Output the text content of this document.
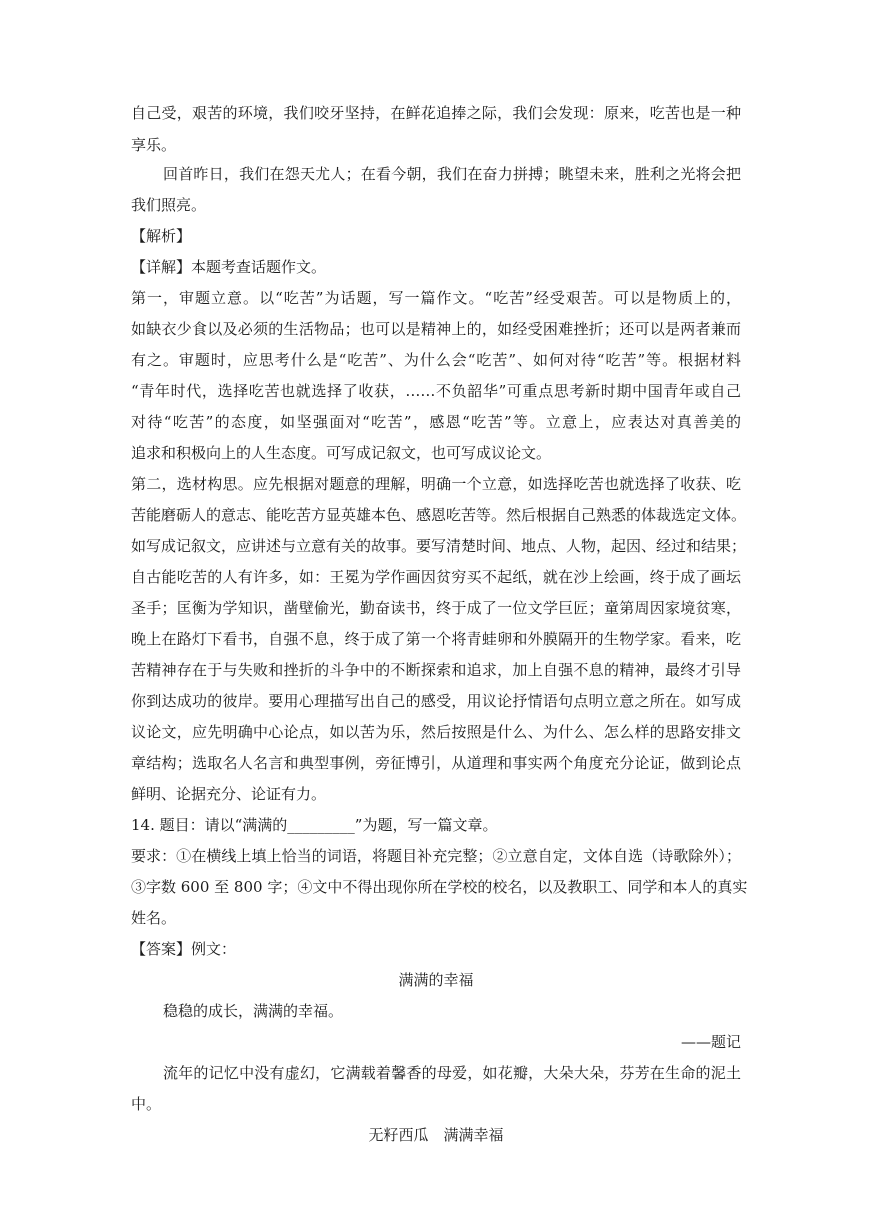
自己受，艰苦的环境，我们咬牙坚持，在鲜花追捧之际，我们会发现：原来，吃苦也是一种
享乐。
回首昨日，我们在怨天尤人；在看今朝，我们在奋力拼搏；眺望未来，胜利之光将会把
我们照亮。
【解析】
【详解】本题考查话题作文。
第一，审题立意。以“吃苦”为话题，写一篇作文。“吃苦”经受艰苦。可以是物质上的，
如缺衣少食以及必须的生活物品；也可以是精神上的，如经受困难挫折；还可以是两者兼而
有之。审题时，应思考什么是“吃苦”、为什么会“吃苦”、如何对待“吃苦”等。根据材料
“青年时代，选择吃苦也就选择了收获，……不负韶华”可重点思考新时期中国青年或自己
对待“吃苦”的态度，如坚强面对“吃苦”，感恩“吃苦”等。立意上，应表达对真善美的
追求和积极向上的人生态度。可写成记叙文，也可写成议论文。
第二，选材构思。应先根据对题意的理解，明确一个立意，如选择吃苦也就选择了收获、吃
苦能磨砺人的意志、能吃苦方显英雄本色、感恩吃苦等。然后根据自己熟悉的体裁选定文体。
如写成记叙文，应讲述与立意有关的故事。要写清楚时间、地点、人物，起因、经过和结果；
自古能吃苦的人有许多，如：王冕为学作画因贫穷买不起纸，就在沙上绘画，终于成了画坛
圣手；匡衡为学知识，凿壁偷光，勤奋读书，终于成了一位文学巨匠；童第周因家境贫寒，
晚上在路灯下看书，自强不息，终于成了第一个将青蛙卵和外膜隔开的生物学家。看来，吃
苦精神存在于与失败和挫折的斗争中的不断探索和追求，加上自强不息的精神，最终才引导
你到达成功的彼岸。要用心理描写出自己的感受，用议论抒情语句点明立意之所在。如写成
议论文，应先明确中心论点，如以苦为乐，然后按照是什么、为什么、怎么样的思路安排文
章结构；选取名人名言和典型事例，旁征博引，从道理和事实两个角度充分论证，做到论点
鲜明、论据充分、论证有力。
14. 题目：请以“满满的_________”为题，写一篇文章。
要求：①在横线上填上恰当的词语，将题目补充完整；②立意自定，文体自选（诗歌除外）；
③字数 600 至 800 字；④文中不得出现你所在学校的校名，以及教职工、同学和本人的真实
姓名。
【答案】例文：
满满的幸福
稳稳的成长，满满的幸福。
——题记
流年的记忆中没有虚幻，它满载着馨香的母爱，如花瓣，大朵大朵，芬芳在生命的泥土
中。
无籽西瓜　满满幸福
